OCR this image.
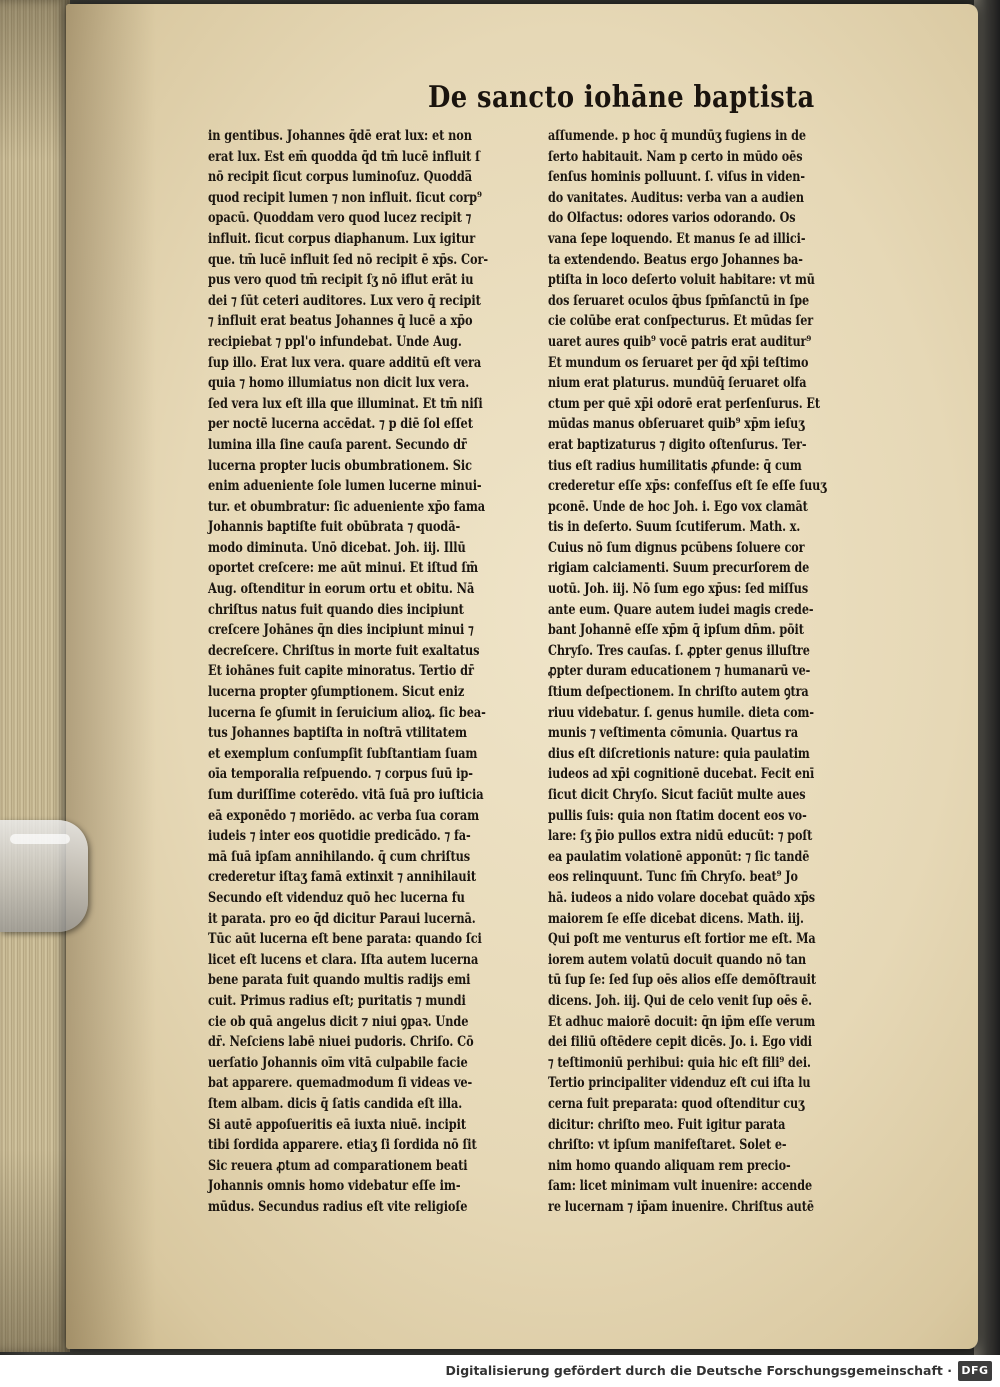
De sancto iohāne baptista
in gentibus. Johannes q̄dē erat lux: et non
erat lux. Est em̄ quodda q̄d tm̄ lucē influit ſ
nō recipit ſicut corpus luminoſuz. Quodda̅
quod recipit lumen ⁊ non influit. ſicut corp⁹
opacū. Quoddam vero quod lucez recipit ⁊
influit. ſicut corpus diaphanum. Lux igitur
que. tm̄ lucē influit ſed nō recipit ē xp̄s. Cor-
pus vero quod tm̄ recipit ſʒ nō iflut erāt iu
dei ⁊ ſūt ceteri auditores. Lux vero q̄ recipit
⁊ influit erat beatus Johannes q̄ lucē a xp̄o
recipiebat ⁊ ppl'o infundebat. Unde Aug.
ſup illo. Erat lux vera. quare additū eſt vera
quia ⁊ homo illumiatus non dicit lux vera.
ſed vera lux eſt illa que illuminat. Et tm̄ niſi
per noctē lucerna accēdat. ⁊ p diē ſol eſſet
lumina illa ſine cauſa parent. Secundo dr̄
lucerna propter lucis obumbrationem. Sic
enim adueniente ſole lumen lucerne minui-
tur. et obumbratur: ſic adueniente xp̄o fama
Johannis baptiſte fuit obūbrata ⁊ quodā-
modo diminuta. Unō dicebat. Joh. iij. Illū
oportet creſcere: me aūt minui. Et iſtud ſm̄
Aug. oſtenditur in eorum ortu et obitu. Nā
chriſtus natus fuit quando dies incipiunt
creſcere Johānes q̄n dies incipiunt minui ⁊
decreſcere. Chriſtus in morte fuit exaltatus
Et iohānes fuit capite minoratus. Tertio dr̄
lucerna propter ꝯſumptionem. Sicut eniz
lucerna ſe ꝯſumit in ſeruicium alioꝝ. ſic bea-
tus Johannes baptiſta in noſtrā vtilitatem
et exemplum conſumpſit ſubſtantiam ſuam
oīa temporalia reſpuendo. ⁊ corpus ſuū ip-
ſum duriſſime coterēdo. vitā ſuā pro iuſticia
eā exponēdo ⁊ moriēdo. ac verba ſua coram
iudeis ⁊ inter eos quotidie predicādo. ⁊ fa-
mā ſuā ipſam annihilando. q̄ cum chriſtus
crederetur iſtaʒ famā extinxit ⁊ annihilauit
Secundo eſt videnduz quō hec lucerna fu
it parata. pro eo q̄d dicitur Paraui lucernā.
Tūc aūt lucerna eſt bene parata: quando ſci
licet eſt lucens et clara. Iſta autem lucerna
bene parata fuit quando multis radijs emi
cuit. Primus radius eſt; puritatis ⁊ mundi
cie ob quā angelus dicit ⁊ niui ꝯpaꝛ. Unde
dr̄. Neſciens labē niuei pudoris. Chriſo. Cō
uerſatio Johannis oīm vitā culpabile facie
bat apparere. quemadmodum ſi videas ve-
ſtem albam. dicis q̄ ſatis candida eſt illa.
Si autē appoſueritis eā iuxta niuē. incipit
tibi ſordida apparere. etiaʒ ſi ſordida nō ſit
Sic reuera ꝓtum ad comparationem beati
Johannis omnis homo videbatur eſſe im-
mūdus. Secundus radius eſt vite religioſe
aſſumende. p hoc q̄ mundūʒ fugiens in de
ſerto habitauit. Nam p certo in mūdo oēs
ſenſus hominis polluunt. ſ. viſus in viden-
do vanitates. Auditus: verba van a audien
do Olfactus: odores varios odorando. Os
vana ſepe loquendo. Et manus ſe ad illici-
ta extendendo. Beatus ergo Johannes ba-
ptiſta in loco deſerto voluit habitare: vt mū
dos ſeruaret oculos q̄bus ſpm̄ſanctū in ſpe
cie colūbe erat conſpecturus. Et mūdas ſer
uaret aures quib⁹ vocē patris erat auditur⁹
Et mundum os ſeruaret per q̄d xp̄i teſtimo
nium erat platurus. mundūq̄ ſeruaret olfa
ctum per quē xp̄i odorē erat perſenſurus. Et
mūdas manus obſeruaret quib⁹ xp̄m ieſuʒ
erat baptizaturus ⁊ digito oſtenſurus. Ter-
tius eſt radius humilitatis ꝓfunde: q̄ cum
crederetur eſſe xp̄s: confeſſus eſt ſe eſſe ſuuʒ
pconē. Unde de hoc Joh. i. Ego vox clamāt
tis in deſerto. Suum ſcutiferum. Math. x.
Cuius nō ſum dignus pcūbens ſoluere cor
rigiam calciamenti. Suum precurſorem de
uotū. Joh. iij. Nō ſum ego xp̄us: ſed miſſus
ante eum. Quare autem iudei magis crede-
bant Johannē eſſe xp̄m q̄ ipſum dn̄m. pōit
Chryſo. Tres cauſas. ſ. ꝓpter genus illuſtre
ꝓpter duram educationem ⁊ humanarū ve-
ſtium deſpectionem. In chriſto autem ꝯtra
riuu videbatur. ſ. genus humile. dieta com-
munis ⁊ veſtimenta cōmunia. Quartus ra
dius eſt diſcretionis nature: quia paulatim
iudeos ad xp̄i cognitionē ducebat. Fecit enī
ſicut dicit Chryſo. Sicut faciūt multe aues
pullis ſuis: quia non ſtatim docent eos vo-
lare: ſʒ p̄io pullos extra nidū educūt: ⁊ poſt
ea paulatim volationē apponūt: ⁊ ſic tandē
eos relinquunt. Tunc ſm̄ Chryſo. beat⁹ Jo
hā. iudeos a nido volare docebat quādo xp̄s
maiorem ſe eſſe dicebat dicens. Math. iij.
Qui poſt me venturus eſt fortior me eſt. Ma
iorem autem volatū docuit quando nō tan
tū ſup ſe: ſed ſup oēs alios eſſe demōſtrauit
dicens. Joh. iij. Qui de celo venit ſup oēs ē.
Et adhuc maiorē docuit: q̄n ip̄m eſſe verum
dei filiū oſtēdere cepit dicēs. Jo. i. Ego vidi
⁊ teſtimoniū perhibui: quia hic eſt fili⁹ dei.
Tertio principaliter videnduz eſt cui iſta lu
cerna fuit preparata: quod oſtenditur cuʒ
dicitur: chriſto meo. Fuit igitur parata
chriſto: vt ipſum manifeſtaret. Solet e-
nim homo quando aliquam rem precio-
ſam: licet minimam vult inuenire: accende
re lucernam ⁊ ip̄am inuenire. Chriſtus autē
Digitalisierung gefördert durch die Deutsche Forschungsgemeinschaft · DFG
